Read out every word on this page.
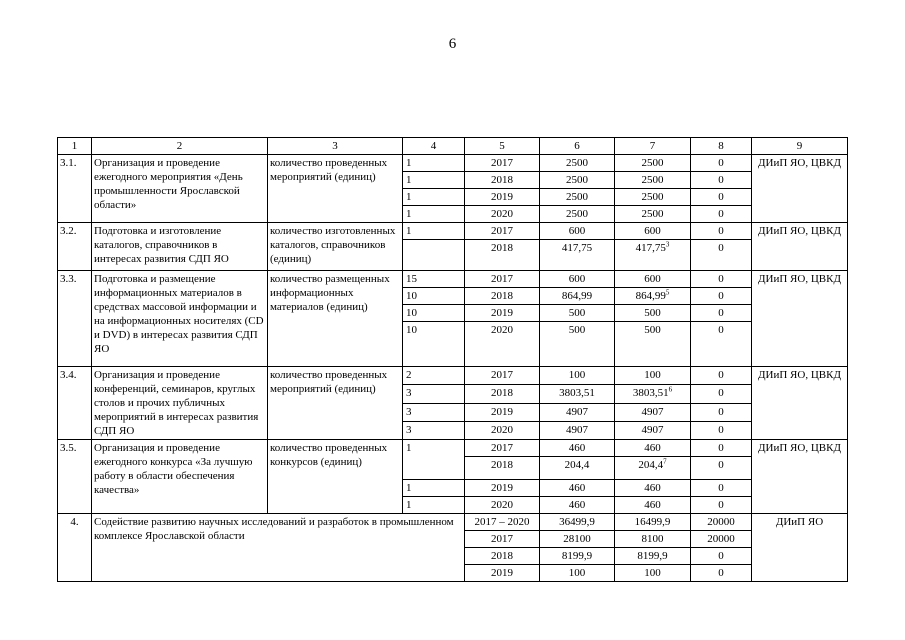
6
1	2	3	4	5	6	7	8	9
3.1.	Организация и проведение ежегодного мероприятия «День промышленности Ярославской области»	количество проведенных мероприятий (единиц)	1	2017	2500	2500	0	ДИиП ЯО, ЦВКД
			1	2018	2500	2500	0	
			1	2019	2500	2500	0	
			1	2020	2500	2500	0	
3.2.	Подготовка и изготовление каталогов, справочников в интересах развития СДП ЯО	количество изготовленных каталогов, справочников (единиц)	1	2017	600	600	0	ДИиП ЯО, ЦВКД
				2018	417,75	417,75$^3$	0	
3.3.	Подготовка и размещение информационных материалов в средствах массовой информации и на информационных носителях (CD и DVD) в интересах развития СДП ЯО	количество размещенных информационных материалов (единиц)	15	2017	600	600	0	ДИиП ЯО, ЦВКД
			10	2018	864,99	864,99$^5$	0	
			10	2019	500	500	0	
			10	2020	500	500	0	
3.4.	Организация и проведение конференций, семинаров, круглых столов и прочих публичных мероприятий в интересах развития СДП ЯО	количество проведенных мероприятий (единиц)	2	2017	100	100	0	ДИиП ЯО, ЦВКД
			3	2018	3803,51	3803,51$^6$	0	
			3	2019	4907	4907	0	
			3	2020	4907	4907	0	
3.5.	Организация и проведение ежегодного конкурса «За лучшую работу в области обеспечения качества»	количество проведенных конкурсов (единиц)	1	2017	460	460	0	ДИиП ЯО, ЦВКД
				2018	204,4	204,4$^7$	0	
			1	2019	460	460	0	
			1	2020	460	460	0	
4.	Содействие развитию научных исследований и разработок в промышленном комплексе Ярославской области			2017 – 2020	36499,9	16499,9	20000	ДИиП ЯО
				2017	28100	8100	20000	
				2018	8199,9	8199,9	0	
				2019	100	100	0	
